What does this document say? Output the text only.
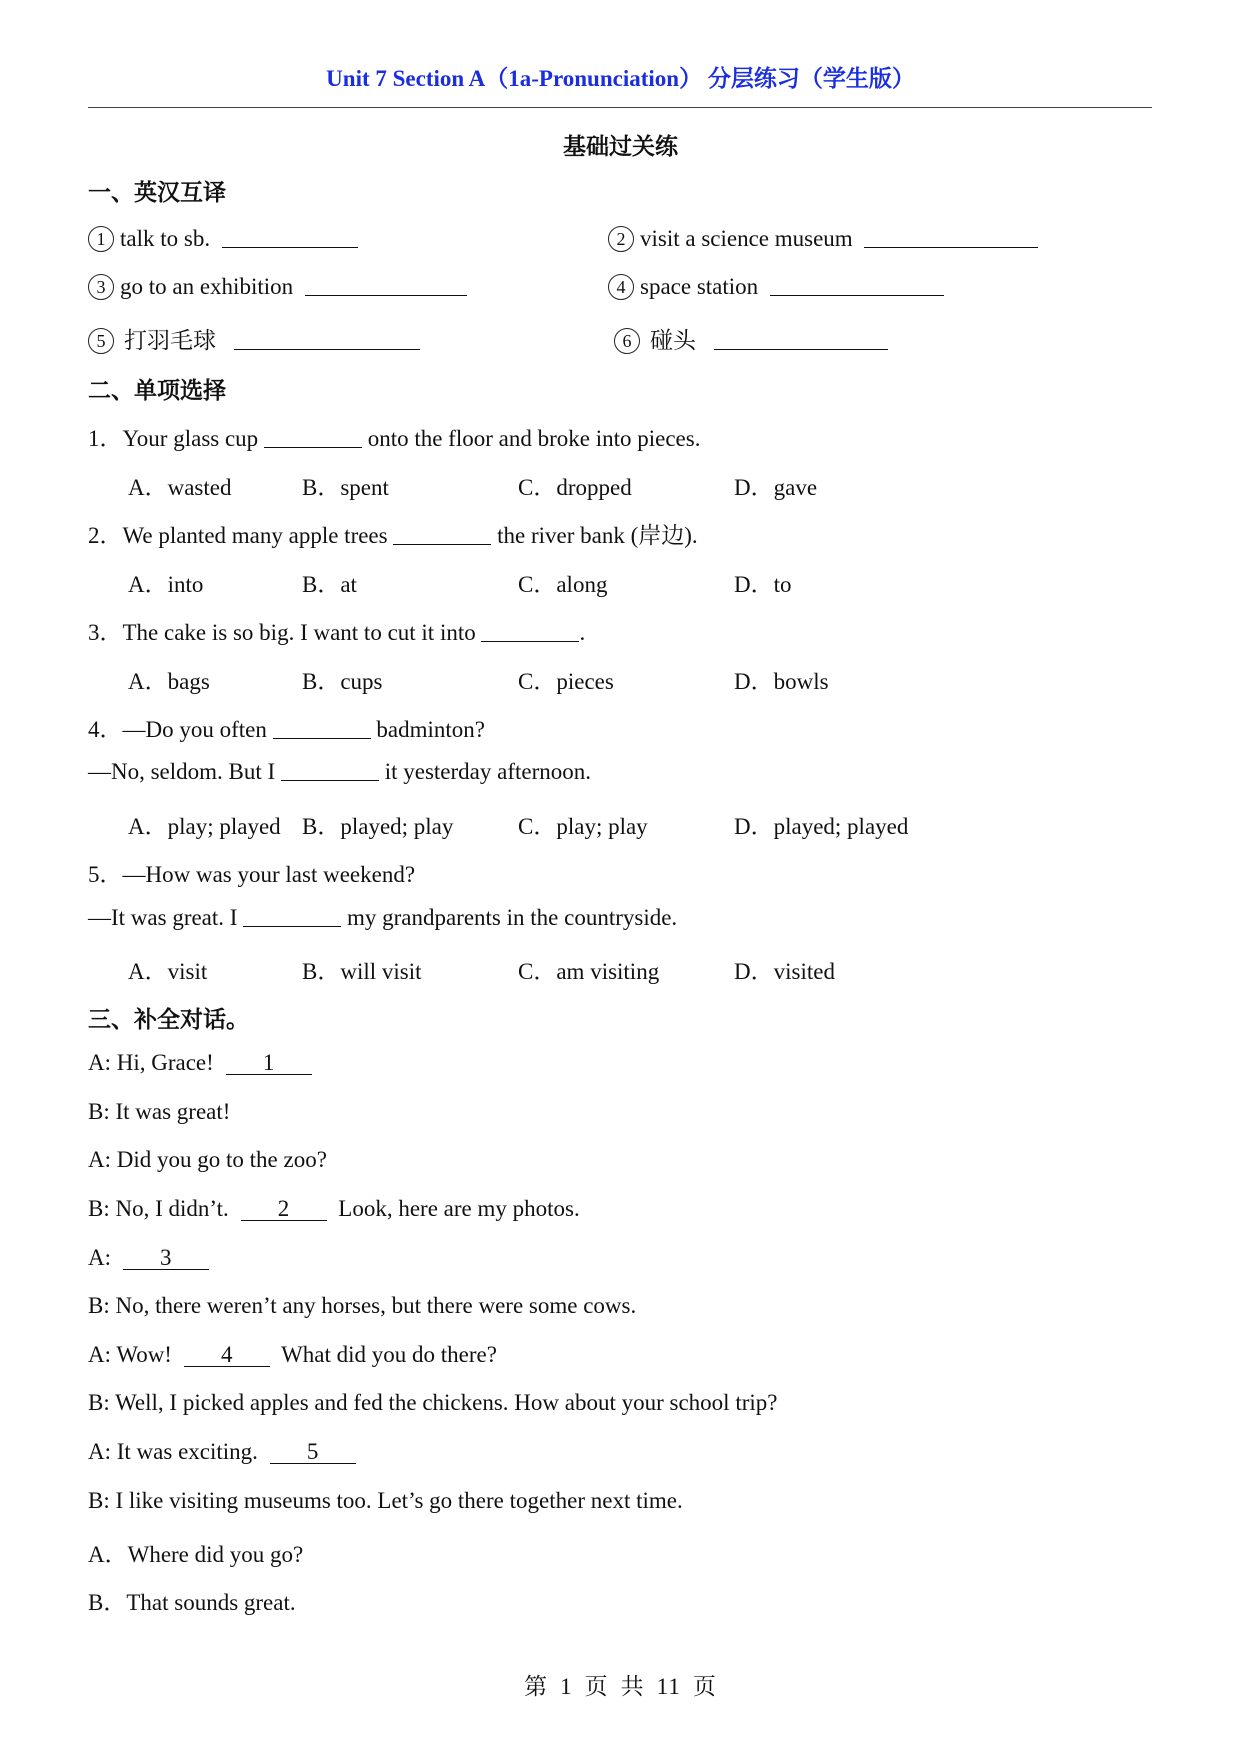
Unit 7 Section A（1a-Pronunciation） 分层练习（学生版）
基础过关练
一、英汉互译
1 talk to sb.	2 visit a science museum
3 go to an exhibition	4 space station
5 打羽毛球	6 碰头
二、单项选择
1．Your glass cup	onto the floor and broke into pieces.
A．wasted	B．spent	C．dropped	D．gave
2．We planted many apple trees	the river bank (岸边).
A．into	B．at	C．along	D．to
3．The cake is so big. I want to cut it into	.
A．bags	B．cups	C．pieces	D．bowls
4．—Do you often	badminton?
—No, seldom. But I	it yesterday afternoon.
A．play; played B．played; play	C．play; play	D．played; played
5．—How was your last weekend?
—It was great. I	my grandparents in the countryside.
A．visit	B．will visit	C．am visiting	D．visited
三、补全对话。
A: Hi, Grace! 1
B: It was great!
A: Did you go to the zoo?
B: No, I didn’t. 2 Look, here are my photos.
A: 3
B: No, there weren’t any horses, but there were some cows.
A: Wow! 4 What did you do there?
B: Well, I picked apples and fed the chickens. How about your school trip?
A: It was exciting. 5
B: I like visiting museums too. Let’s go there together next time.
A．Where did you go?
B．That sounds great.
第 1 页 共 11 页
